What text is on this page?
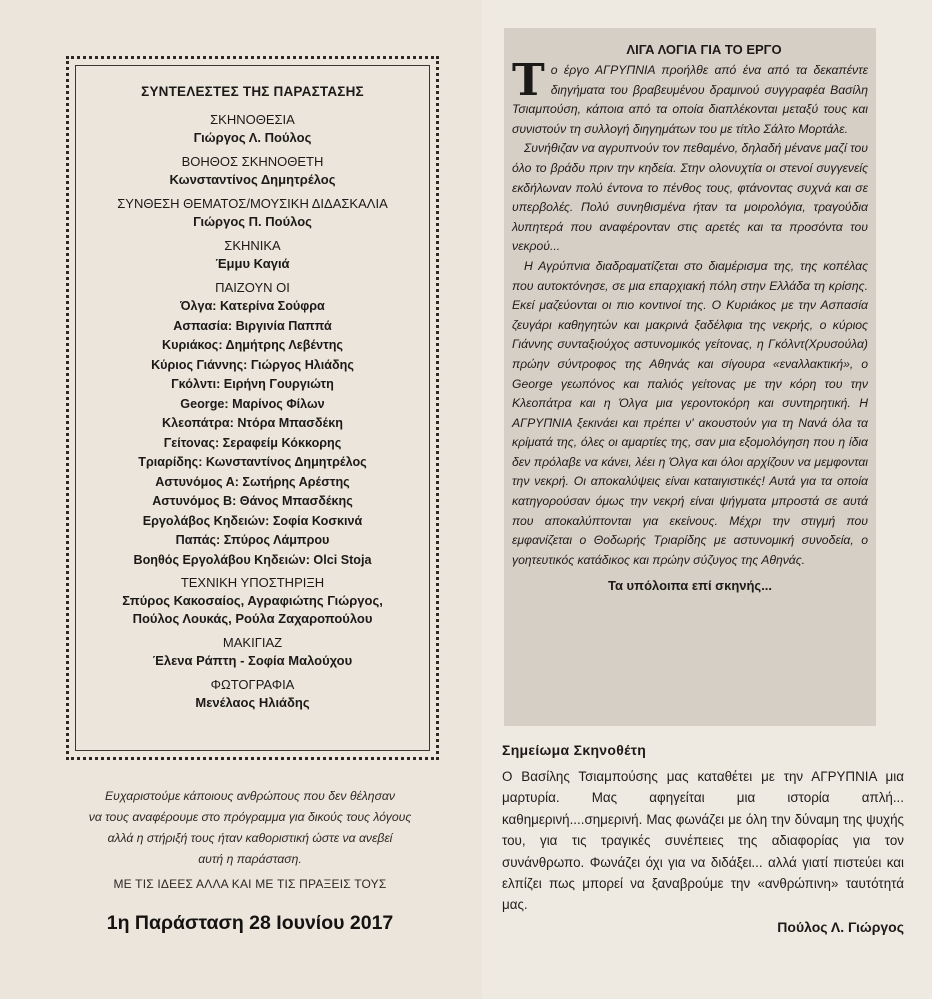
ΣΥΝΤΕΛΕΣΤΕΣ ΤΗΣ ΠΑΡΑΣΤΑΣΗΣ
ΣΚΗΝΟΘΕΣΙΑ
Γιώργος Λ. Πούλος
ΒΟΗΘΟΣ ΣΚΗΝΟΘΕΤΗ
Κωνσταντίνος Δημητρέλος
ΣΥΝΘΕΣΗ ΘΕΜΑΤΟΣ/ΜΟΥΣΙΚΗ ΔΙΔΑΣΚΑΛΙΑ
Γιώργος Π. Πούλος
ΣΚΗΝΙΚΑ
Έμμυ Καγιά
ΠΑΙΖΟΥΝ ΟΙ
Όλγα: Κατερίνα Σούφρα
Ασπασία: Βιργινία Παππά
Κυριάκος: Δημήτρης Λεβέντης
Κύριος Γιάννης: Γιώργος Ηλιάδης
Γκόλντι: Ειρήνη Γουργιώτη
George: Μαρίνος Φίλων
Κλεοπάτρα: Ντόρα Μπασδέκη
Γείτονας: Σεραφείμ Κόκκορης
Τριαρίδης: Κωνσταντίνος Δημητρέλος
Αστυνόμος Α: Σωτήρης Αρέστης
Αστυνόμος Β: Θάνος Μπασδέκης
Εργολάβος Κηδειών: Σοφία Κοσκινά
Παπάς: Σπύρος Λάμπρου
Βοηθός Εργολάβου Κηδειών: Olci Stoja
ΤΕΧΝΙΚΗ ΥΠΟΣΤΗΡΙΞΗ
Σπύρος Κακοσαίος, Αγραφιώτης Γιώργος,
Πούλος Λουκάς, Ρούλα Ζαχαροπούλου
ΜΑΚΙΓΙΑΖ
Έλενα Ράπτη - Σοφία Μαλούχου
ΦΩΤΟΓΡΑΦΙΑ
Μενέλαος Ηλιάδης
Ευχαριστούμε κάποιους ανθρώπους που δεν θέλησαν
να τους αναφέρουμε στο πρόγραμμα για δικούς τους λόγους
αλλά η στήριξή τους ήταν καθοριστική ώστε να ανεβεί
αυτή η παράσταση.
ΜΕ ΤΙΣ ΙΔΕΕΣ ΑΛΛΑ ΚΑΙ ΜΕ ΤΙΣ ΠΡΑΞΕΙΣ ΤΟΥΣ
1η Παράσταση 28 Ιουνίου 2017
ΛΙΓΑ ΛΟΓΙΑ ΓΙΑ ΤΟ ΕΡΓΟ

Το έργο ΑΓΡΥΠΝΙΑ προήλθε από ένα από τα δεκαπέντε διηγήματα του βραβευμένου δραμινού συγγραφέα Βασίλη Τσιαμπούση, κάποια από τα οποία διαπλέκονται μεταξύ τους και συνιστούν τη συλλογή διηγημάτων του με τίτλο Σάλτο Μορτάλε.

Συνήθιζαν να αγρυπνούν τον πεθαμένο, δηλαδή μένανε μαζί του όλο το βράδυ πριν την κηδεία. Στην ολονυχτία οι στενοί συγγενείς εκδήλωναν πολύ έντονα το πένθος τους, φτάνοντας συχνά και σε υπερβολές. Πολύ συνηθισμένα ήταν τα μοιρολόγια, τραγούδια λυπητερά που αναφέρονταν στις αρετές και τα προσόντα του νεκρού...

Η Αγρύπνια διαδραματίζεται στο διαμέρισμα της, της κοπέλας που αυτοκτόνησε, σε μια επαρχιακή πόλη στην Ελλάδα τη κρίσης. Εκεί μαζεύονται οι πιο κοντινοί της. Ο Κυριάκος με την Ασπασία ζευγάρι καθηγητών και μακρινά ξαδέλφια της νεκρής, ο κύριος Γιάννης συνταξιούχος αστυνομικός γείτονας, η Γκόλντ(Χρυσούλα) πρώην σύντροφος της Αθηνάς και σίγουρα «εναλλακτική», ο George γεωπόνος και παλιός γείτονας με την κόρη του την Κλεοπάτρα και η Όλγα μια γεροντοκόρη και συντηρητική. Η ΑΓΡΥΠΝΙΑ ξεκινάει και πρέπει ν' ακουστούν για τη Νανά όλα τα κρίματά της, όλες οι αμαρτίες της, σαν μια εξομολόγηση που η ίδια δεν πρόλαβε να κάνει, λέει η Όλγα και όλοι αρχίζουν να μεμφονται την νεκρή. Οι αποκαλύψεις είναι καταιγιστικές! Αυτά για τα οποία κατηγορούσαν όμως την νεκρή είναι ψήγματα μπροστά σε αυτά που αποκαλύπτονται για εκείνους. Μέχρι την στιγμή που εμφανίζεται ο Θοδωρής Τριαρίδης με αστυνομική συνοδεία, ο γοητευτικός κατάδικος και πρώην σύζυγος της Αθηνάς.

Τα υπόλοιπα επί σκηνής...
Σημείωμα Σκηνοθέτη
Ο Βασίλης Τσιαμπούσης μας καταθέτει με την ΑΓΡΥΠΝΙΑ μια μαρτυρία. Μας αφηγείται μια ιστορία απλή... καθημερινή....σημερινή. Μας φωνάζει με όλη την δύναμη της ψυχής του, για τις τραγικές συνέπειες της αδιαφορίας για τον συνάνθρωπο. Φωνάζει όχι για να διδάξει... αλλά γιατί πιστεύει και ελπίζει πως μπορεί να ξαναβρούμε την «ανθρώπινη» ταυτότητά μας.
Πούλος Λ. Γιώργος
